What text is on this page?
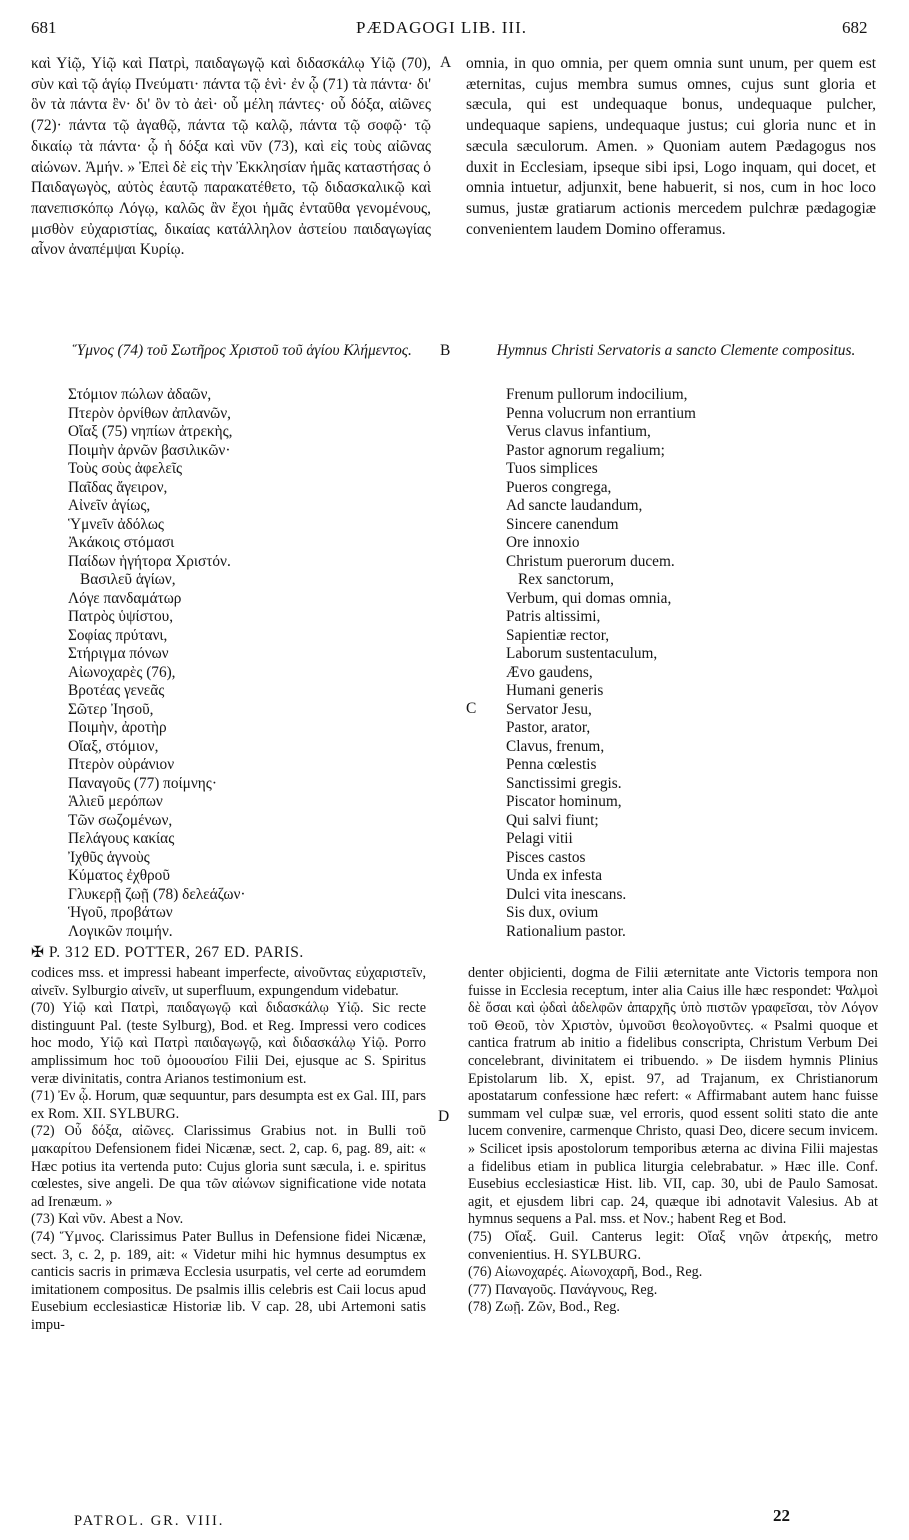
681	PÆDAGOGI LIB. III.	682

καὶ Υἱῷ, Υἱῷ καὶ Πατρὶ, παιδαγωγῷ καὶ διδασκάλῳ Υἱῷ (70), σὺν καὶ τῷ ἁγίῳ Πνεύματι· πάντα τῷ ἑνὶ· ἐν ᾧ (71) τὰ πάντα· δι' ὃν τὰ πάντα ἓν· δι' ὃν τὸ ἀεὶ· οὗ μέλη πάντες· οὗ δόξα, αἰῶνες (72)· πάντα τῷ ἀγαθῷ, πάντα τῷ καλῷ, πάντα τῷ σοφῷ· τῷ δικαίῳ τὰ πάντα· ᾧ ἡ δόξα καὶ νῦν (73), καὶ εἰς τοὺς αἰῶνας αἰώνων. Ἀμήν. » Ἐπεὶ δὲ εἰς τὴν Ἐκκλησίαν ἡμᾶς καταστήσας ὁ Παιδαγωγὸς, αὐτὸς ἑαυτῷ παρακατέθετο, τῷ διδασκαλικῷ καὶ πανεπισκόπῳ Λόγῳ, καλῶς ἂν ἔχοι ἡμᾶς ἐνταῦθα γενομένους, μισθὸν εὐχαριστίας, δικαίας κατάλληλον ἀστείου παιδαγωγίας αἶνον ἀναπέμψαι Κυρίῳ.

omnia, in quo omnia, per quem omnia sunt unum, per quem est æternitas, cujus membra sumus omnes, cujus sunt gloria et sæcula, qui est undequaque bonus, undequaque pulcher, undequaque sapiens, undequaque justus; cui gloria nunc et in sæcula sæculorum. Amen. » Quoniam autem Pædagogus nos duxit in Ecclesiam, ipseque sibi ipsi, Logo inquam, qui docet, et omnia intuetur, adjunxit, bene habuerit, si nos, cum in hoc loco sumus, justæ gratiarum actionis mercedem pulchræ pædagogiæ convenientem laudem Domino offeramus.

A
B
C
D
Ὕμνος (74) τοῦ Σωτῆρος Χριστοῦ τοῦ ἁγίου Κλήμεντος.	Hymnus Christi Servatoris a sancto Clemente compositus.
Στόμιον πώλων ἀδαῶν,
Πτερὸν ὀρνίθων ἀπλανῶν,
Οἴαξ (75) νηπίων ἀτρεκὴς,
Ποιμὴν ἀρνῶν βασιλικῶν·
Τοὺς σοὺς ἀφελεῖς
Παῖδας ἄγειρον,
Αἰνεῖν ἁγίως,
Ὑμνεῖν ἀδόλως
Ἀκάκοις στόμασι
Παίδων ἡγήτορα Χριστόν.
Βασιλεῦ ἁγίων,
Λόγε πανδαμάτωρ
Πατρὸς ὑψίστου,
Σοφίας πρύτανι,
Στήριγμα πόνων
Αἰωνοχαρὲς (76),
Βροτέας γενεᾶς
Σῶτερ Ἰησοῦ,
Ποιμὴν, ἀροτὴρ
Οἴαξ, στόμιον,
Πτερὸν οὐράνιον
Παναγοῦς (77) ποίμνης·
Ἁλιεῦ μερόπων
Τῶν σωζομένων,
Πελάγους κακίας
Ἰχθῦς ἁγνοὺς
Κύματος ἐχθροῦ
Γλυκερῇ ζωῇ (78) δελεάζων·
Ἡγοῦ, προβάτων
Λογικῶν ποιμήν.
Frenum pullorum indocilium,
Penna volucrum non errantium
Verus clavus infantium,
Pastor agnorum regalium;
Tuos simplices
Pueros congrega,
Ad sancte laudandum,
Sincere canendum
Ore innoxio
Christum puerorum ducem.
Rex sanctorum,
Verbum, qui domas omnia,
Patris altissimi,
Sapientiæ rector,
Laborum sustentaculum,
Ævo gaudens,
Humani generis
Servator Jesu,
Pastor, arator,
Clavus, frenum,
Penna cœlestis
Sanctissimi gregis.
Piscator hominum,
Qui salvi fiunt;
Pelagi vitii
Pisces castos
Unda ex infesta
Dulci vita inescans.
Sis dux, ovium
Rationalium pastor.
✠ P. 312 ED. POTTER, 267 ED. PARIS.

codices mss. et impressi habeant imperfecte, αἰνοῦντας εὐχαριστεῖν, αἰνεῖν. Sylburgio αἰνεῖν, ut superfluum, expungendum videbatur.

(70) Υἱῷ καὶ Πατρὶ, παιδαγωγῷ καὶ διδασκάλῳ Υἱῷ. Sic recte distinguunt Pal. (teste Sylburg), Bod. et Reg. Impressi vero codices hoc modo, Υἱῷ καὶ Πατρὶ παιδαγωγῷ, καὶ διδασκάλῳ Υἱῷ. Porro amplissimum hoc τοῦ ὁμοουσίου Filii Dei, ejusque ac S. Spiritus veræ divinitatis, contra Arianos testimonium est.

(71) Ἐν ᾧ. Horum, quæ sequuntur, pars desumpta est ex Gal. III, pars ex Rom. XII. SYLBURG.

(72) Οὗ δόξα, αἰῶνες. Clarissimus Grabius not. in Bulli τοῦ μακαρίτου Defensionem fidei Nicænæ, sect. 2, cap. 6, pag. 89, ait: « Hæc potius ita vertenda puto: Cujus gloria sunt sæcula, i. e. spiritus cœlestes, sive angeli. De qua τῶν αἰώνων significatione vide notata ad Irenæum. »

(73) Καὶ νῦν. Abest a Nov.

(74) Ὕμνος. Clarissimus Pater Bullus in Defensione fidei Nicænæ, sect. 3, c. 2, p. 189, ait: « Videtur mihi hic hymnus desumptus ex canticis sacris in primæva Ecclesia usurpatis, vel certe ad eorumdem imitationem compositus. De psalmis illis celebris est Caii locus apud Eusebium ecclesiasticæ Historiæ lib. V cap. 28, ubi Artemoni satis impu-

denter objicienti, dogma de Filii æternitate ante Victoris tempora non fuisse in Ecclesia receptum, inter alia Caius ille hæc respondet: Ψαλμοὶ δὲ ὅσαι καὶ ᾠδαὶ ἀδελφῶν ἀπαρχῆς ὑπὸ πιστῶν γραφεῖσαι, τὸν Λόγον τοῦ Θεοῦ, τὸν Χριστὸν, ὑμνοῦσι θεολογοῦντες. « Psalmi quoque et cantica fratrum ab initio a fidelibus conscripta, Christum Verbum Dei concelebrant, divinitatem ei tribuendo. » De iisdem hymnis Plinius Epistolarum lib. X, epist. 97, ad Trajanum, ex Christianorum apostatarum confessione hæc refert: « Affirmabant autem hanc fuisse summam vel culpæ suæ, vel erroris, quod essent soliti stato die ante lucem convenire, carmenque Christo, quasi Deo, dicere secum invicem. » Scilicet ipsis apostolorum temporibus æterna ac divina Filii majestas a fidelibus etiam in publica liturgia celebrabatur. » Hæc ille. Conf. Eusebius ecclesiasticæ Hist. lib. VII, cap. 30, ubi de Paulo Samosat. agit, et ejusdem libri cap. 24, quæque ibi adnotavit Valesius. Ab at hymnus sequens a Pal. mss. et Nov.; habent Reg et Bod.

(75) Οἴαξ. Guil. Canterus legit: Οἴαξ νηῶν ἀτρεκής, metro convenientius. H. SYLBURG.

(76) Αἰωνοχαρές. Αἰωνοχαρῆ, Bod., Reg.

(77) Παναγοῦς. Πανάγνους, Reg.

(78) Ζωῇ. Ζῶν, Bod., Reg.

PATROL. GR. VIII.	22
